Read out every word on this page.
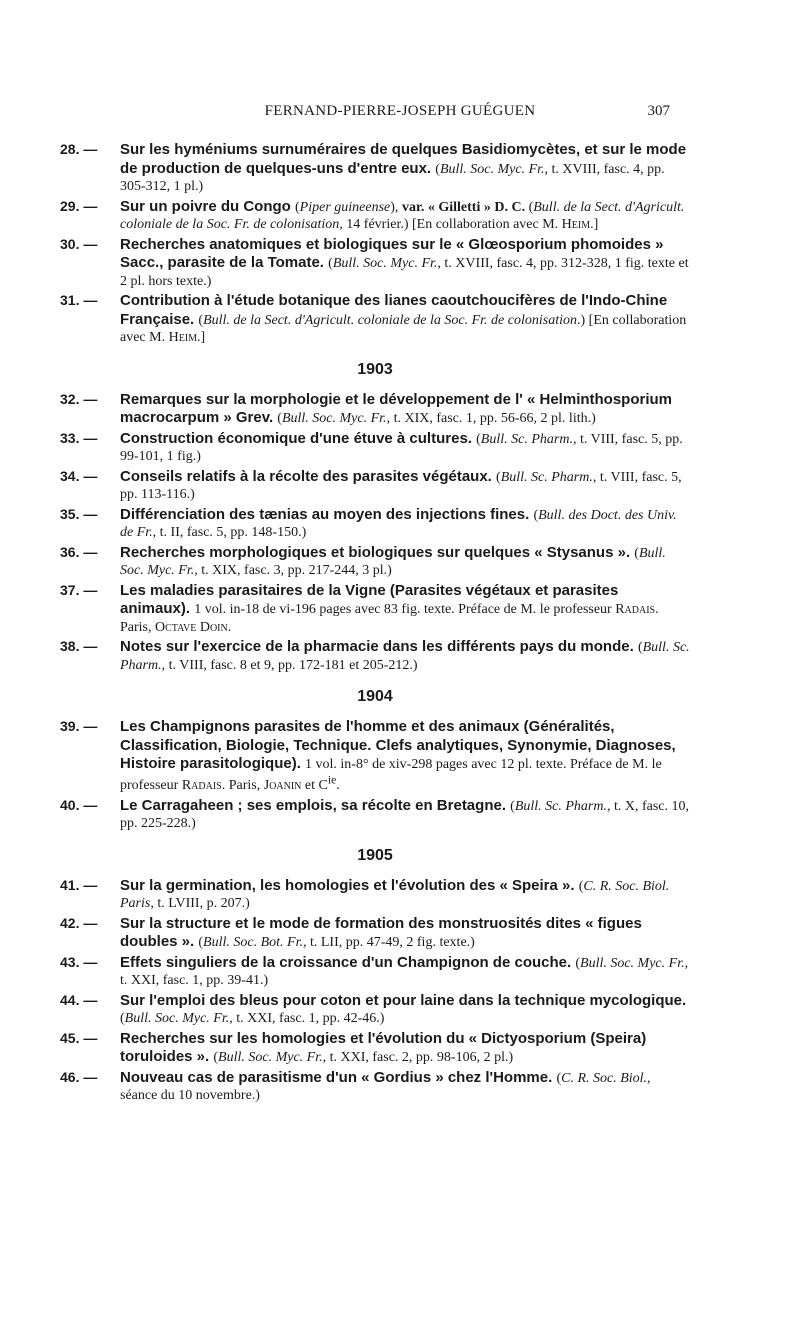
FERNAND-PIERRE-JOSEPH GUÉGUEN	307
28. —	Sur les hyméniums surnuméraires de quelques Basidiomycètes, et sur le mode de production de quelques-uns d'entre eux. (Bull. Soc. Myc. Fr., t. XVIII, fasc. 4, pp. 305-312, 1 pl.)
29. —	Sur un poivre du Congo (Piper guineense), var. « Gilletti » D. C. (Bull. de la Sect. d'Agricult. coloniale de la Soc. Fr. de colonisation, 14 février.) [En collaboration avec M. Heim.]
30. —	Recherches anatomiques et biologiques sur le « Glœosporium phomoides » Sacc., parasite de la Tomate. (Bull. Soc. Myc. Fr., t. XVIII, fasc. 4, pp. 312-328, 1 fig. texte et 2 pl. hors texte.)
31. —	Contribution à l'étude botanique des lianes caoutchoucifères de l'Indo-Chine Française. (Bull. de la Sect. d'Agricult. coloniale de la Soc. Fr. de colonisation.) [En collaboration avec M. Heim.]
1903
32. —	Remarques sur la morphologie et le développement de l' « Helminthosporium macrocarpum » Grev. (Bull. Soc. Myc. Fr., t. XIX, fasc. 1, pp. 56-66, 2 pl. lith.)
33. —	Construction économique d'une étuve à cultures. (Bull. Sc. Pharm., t. VIII, fasc. 5, pp. 99-101, 1 fig.)
34. —	Conseils relatifs à la récolte des parasites végétaux. (Bull. Sc. Pharm., t. VIII, fasc. 5, pp. 113-116.)
35. —	Différenciation des tænias au moyen des injections fines. (Bull. des Doct. des Univ. de Fr., t. II, fasc. 5, pp. 148-150.)
36. —	Recherches morphologiques et biologiques sur quelques « Stysanus ». (Bull. Soc. Myc. Fr., t. XIX, fasc. 3, pp. 217-244, 3 pl.)
37. —	Les maladies parasitaires de la Vigne (Parasites végétaux et parasites animaux). 1 vol. in-18 de vi-196 pages avec 83 fig. texte. Préface de M. le professeur Radais. Paris, Octave Doin.
38. —	Notes sur l'exercice de la pharmacie dans les différents pays du monde. (Bull. Sc. Pharm., t. VIII, fasc. 8 et 9, pp. 172-181 et 205-212.)
1904
39. —	Les Champignons parasites de l'homme et des animaux (Généralités, Classification, Biologie, Technique. Clefs analytiques, Synonymie, Diagnoses, Histoire parasitologique). 1 vol. in-8° de xiv-298 pages avec 12 pl. texte. Préface de M. le professeur Radais. Paris, Joanin et $C^{ie}$.
40. —	Le Carragaheen ; ses emplois, sa récolte en Bretagne. (Bull. Sc. Pharm., t. X, fasc. 10, pp. 225-228.)
1905
41. —	Sur la germination, les homologies et l'évolution des « Speira ». (C. R. Soc. Biol. Paris, t. LVIII, p. 207.)
42. —	Sur la structure et le mode de formation des monstruosités dites « figues doubles ». (Bull. Soc. Bot. Fr., t. LII, pp. 47-49, 2 fig. texte.)
43. —	Effets singuliers de la croissance d'un Champignon de couche. (Bull. Soc. Myc. Fr., t. XXI, fasc. 1, pp. 39-41.)
44. —	Sur l'emploi des bleus pour coton et pour laine dans la technique mycologique. (Bull. Soc. Myc. Fr., t. XXI, fasc. 1, pp. 42-46.)
45. —	Recherches sur les homologies et l'évolution du « Dictyosporium (Speira) toruloides ». (Bull. Soc. Myc. Fr., t. XXI, fasc. 2, pp. 98-106, 2 pl.)
46. —	Nouveau cas de parasitisme d'un « Gordius » chez l'Homme. (C. R. Soc. Biol., séance du 10 novembre.)
